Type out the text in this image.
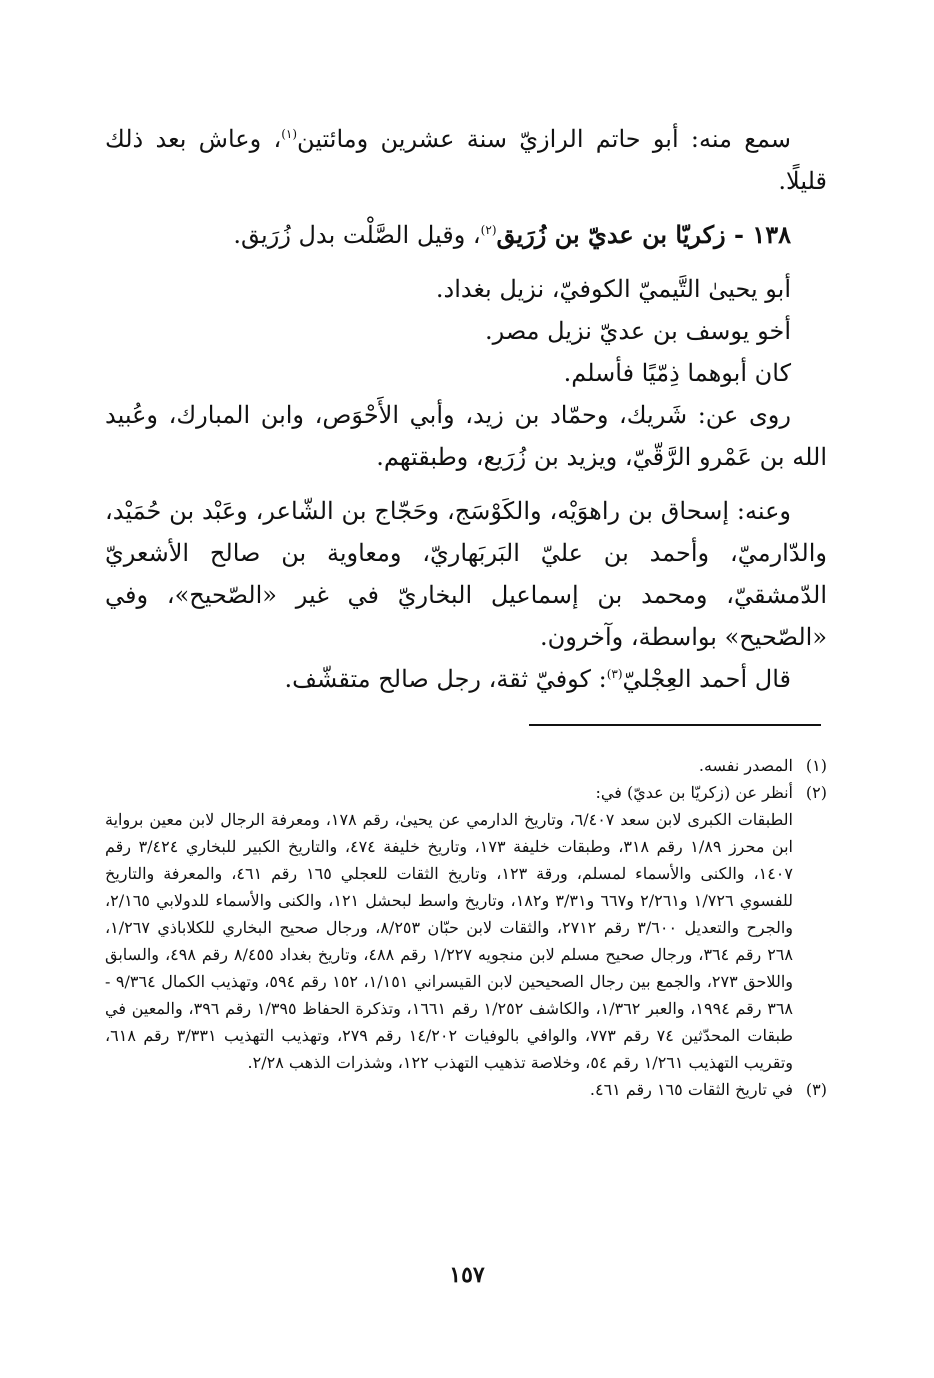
سمع منه: أبو حاتم الرازيّ سنة عشرين ومائتين$^{(١)}$، وعاش بعد ذلك قليلًا.

١٣٨ - زكريّا بن عديّ بن زُرَيق$^{(٢)}$، وقيل الصَّلْت بدل زُرَيق.

أبو يحيىٰ التَّيميّ الكوفيّ، نزيل بغداد.

أخو يوسف بن عديّ نزيل مصر.

كان أبوهما ذِمّيًا فأسلم.

روى عن: شَريك، وحمّاد بن زيد، وأبي الأَحْوَص، وابن المبارك، وعُبيد الله بن عَمْرو الرَّقّيّ، ويزيد بن زُرَيع، وطبقتهم.

وعنه: إسحاق بن راهوَيْه، والكَوْسَج، وحَجّاج بن الشّاعر، وعَبْد بن حُمَيْد، والدّارميّ، وأحمد بن عليّ البَربَهاريّ، ومعاوية بن صالح الأشعريّ الدّمشقيّ، ومحمد بن إسماعيل البخاريّ في غير «الصّحيح»، وفي «الصّحيح» بواسطة، وآخرون.

قال أحمد العِجْليّ$^{(٣)}$: كوفيّ ثقة، رجل صالح متقشّف.

(١)
المصدر نفسه.
(٢)
أنظر عن (زكريّا بن عديّ) في:
الطبقات الكبرى لابن سعد ٦/٤٠٧، وتاريخ الدارمي عن يحيىٰ، رقم ١٧٨، ومعرفة الرجال لابن معين برواية ابن محرز ١/٨٩ رقم ٣١٨، وطبقات خليفة ١٧٣، وتاريخ خليفة ٤٧٤، والتاريخ الكبير للبخاري ٣/٤٢٤ رقم ١٤٠٧، والكنى والأسماء لمسلم، ورقة ١٢٣، وتاريخ الثقات للعجلي ١٦٥ رقم ٤٦١، والمعرفة والتاريخ للفسوي ١/٧٢٦ و٢/٢٦١ و٦٦٧ و٣/٣١ و١٨٢، وتاريخ واسط لبحشل ١٢١، والكنى والأسماء للدولابي ٢/١٦٥، والجرح والتعديل ٣/٦٠٠ رقم ٢٧١٢، والثقات لابن حبّان ٨/٢٥٣، ورجال صحيح البخاري للكلاباذي ١/٢٦٧، ٢٦٨ رقم ٣٦٤، ورجال صحيح مسلم لابن منجويه ١/٢٢٧ رقم ٤٨٨، وتاريخ بغداد ٨/٤٥٥ رقم ٤٩٨، والسابق واللاحق ٢٧٣، والجمع بين رجال الصحيحين لابن القيسراني ١/١٥١، ١٥٢ رقم ٥٩٤، وتهذيب الكمال ٩/٣٦٤ - ٣٦٨ رقم ١٩٩٤، والعبر ١/٣٦٢، والكاشف ١/٢٥٢ رقم ١٦٦١، وتذكرة الحفاظ ١/٣٩٥ رقم ٣٩٦، والمعين في طبقات المحدّثين ٧٤ رقم ٧٧٣، والوافي بالوفيات ١٤/٢٠٢ رقم ٢٧٩، وتهذيب التهذيب ٣/٣٣١ رقم ٦١٨، وتقريب التهذيب ١/٢٦١ رقم ٥٤، وخلاصة تذهيب التهذب ١٢٢، وشذرات الذهب ٢/٢٨.
(٣)
في تاريخ الثقات ١٦٥ رقم ٤٦١.
١٥٧
